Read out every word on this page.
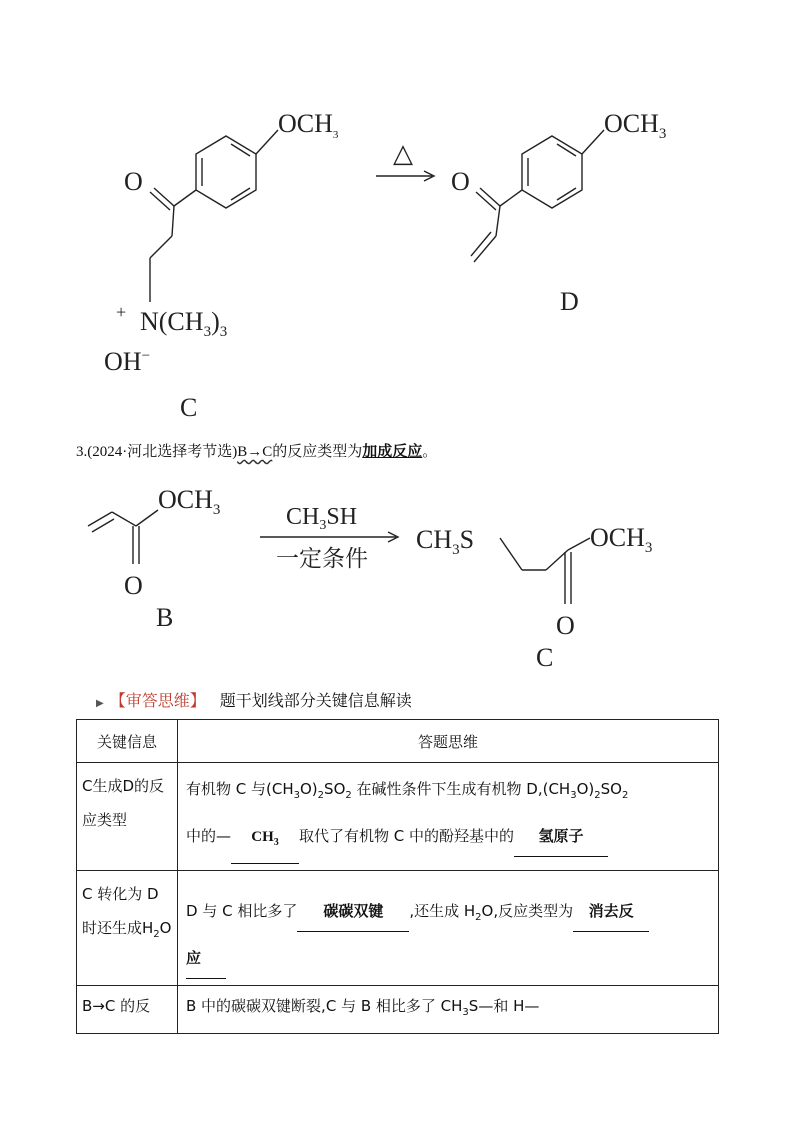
$OCH_3$
O
△
+ $N(CH_3)_3$
OH−
C
$OCH_3$
O
D
3.(2024·河北选择考节选)B→C的反应类型为加成反应。
$OCH_3$
O
B
$CH_3SH$
一定条件
$CH_3S$	$OCH_3$
O
C
▶ 【审答思维】 题干划线部分关键信息解读
关键信息	答题思维
C生成D的反应类型	有机物 C 与$(CH_3O)_2SO_2$ 在碱性条件下生成有机物 $D,(CH_3O)_2SO_2$
中的— $CH_3$ 取代了有机物 C 中的酚羟基中的 氢原子
C 转化为 D 时还生成$H_2O$	D 与 C 相比多了 碳碳双键 ,还生成 $H_2O$,反应类型为 消去反
应
B→C 的反	B 中的碳碳双键断裂,C 与 B 相比多了 $CH_3S—$和 H—
